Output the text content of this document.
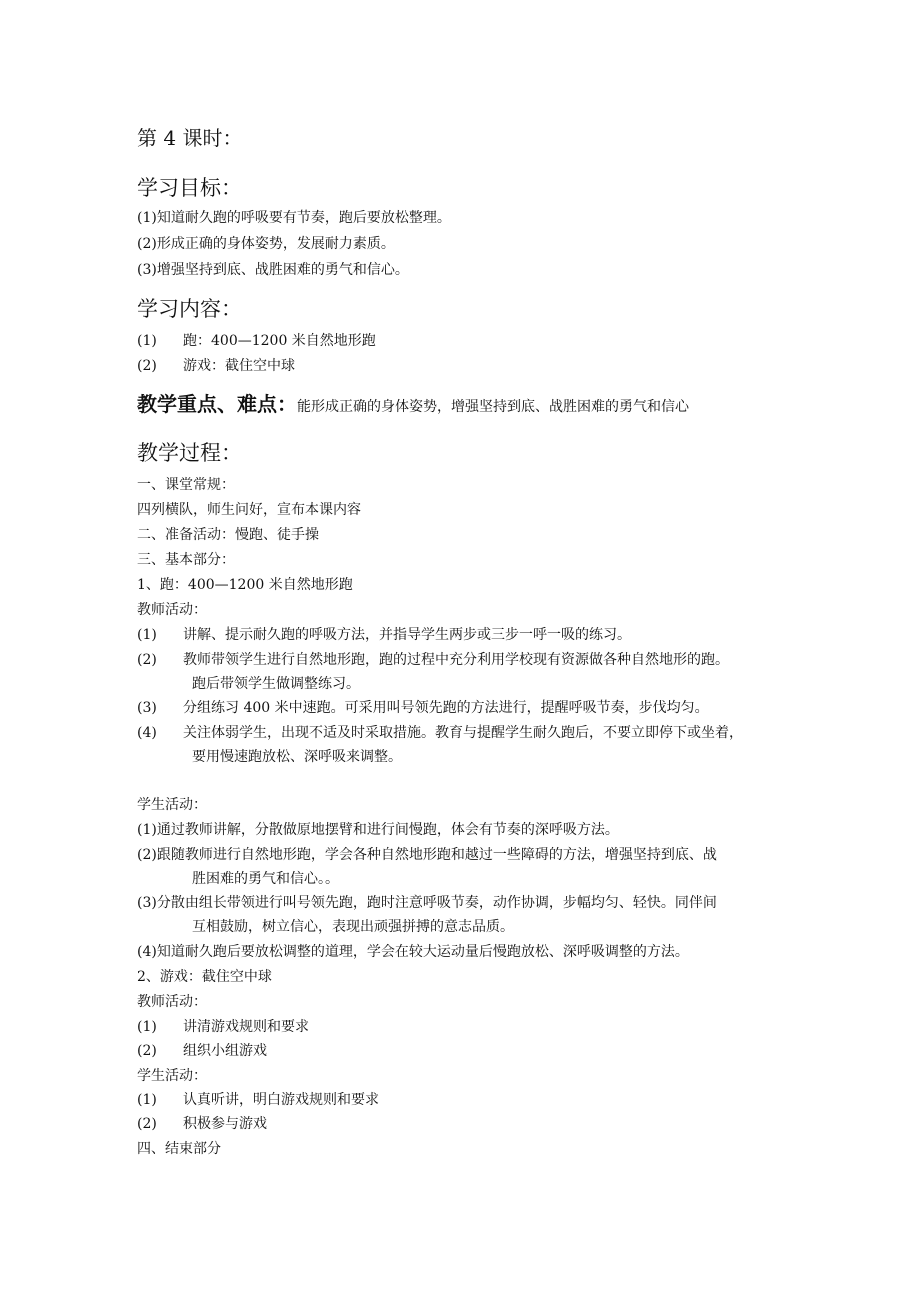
第 4 课时：
学习目标：
(1)知道耐久跑的呼吸要有节奏，跑后要放松整理。
(2)形成正确的身体姿势，发展耐力素质。
(3)增强坚持到底、战胜困难的勇气和信心。
学习内容：
(1) 跑：400—1200 米自然地形跑
(2) 游戏：截住空中球
教学重点、难点：能形成正确的身体姿势，增强坚持到底、战胜困难的勇气和信心
教学过程：
一、课堂常规：
四列横队，师生问好，宣布本课内容
二、准备活动：慢跑、徒手操
三、基本部分：
1、跑：400—1200 米自然地形跑
教师活动：
(1) 讲解、提示耐久跑的呼吸方法，并指导学生两步或三步一呼一吸的练习。
(2) 教师带领学生进行自然地形跑，跑的过程中充分利用学校现有资源做各种自然地形的跑。
跑后带领学生做调整练习。
(3) 分组练习 400 米中速跑。可采用叫号领先跑的方法进行，提醒呼吸节奏，步伐均匀。
(4) 关注体弱学生，出现不适及时采取措施。教育与提醒学生耐久跑后，不要立即停下或坐着，
要用慢速跑放松、深呼吸来调整。
学生活动：
(1)通过教师讲解，分散做原地摆臂和进行间慢跑，体会有节奏的深呼吸方法。
(2)跟随教师进行自然地形跑，学会各种自然地形跑和越过一些障碍的方法，增强坚持到底、战
胜困难的勇气和信心。。
(3)分散由组长带领进行叫号领先跑，跑时注意呼吸节奏，动作协调，步幅均匀、轻快。同伴间
互相鼓励，树立信心，表现出顽强拼搏的意志品质。
(4)知道耐久跑后要放松调整的道理，学会在较大运动量后慢跑放松、深呼吸调整的方法。
2、游戏：截住空中球
教师活动：
(1) 讲清游戏规则和要求
(2) 组织小组游戏
学生活动：
(1) 认真听讲，明白游戏规则和要求
(2) 积极参与游戏
四、结束部分
